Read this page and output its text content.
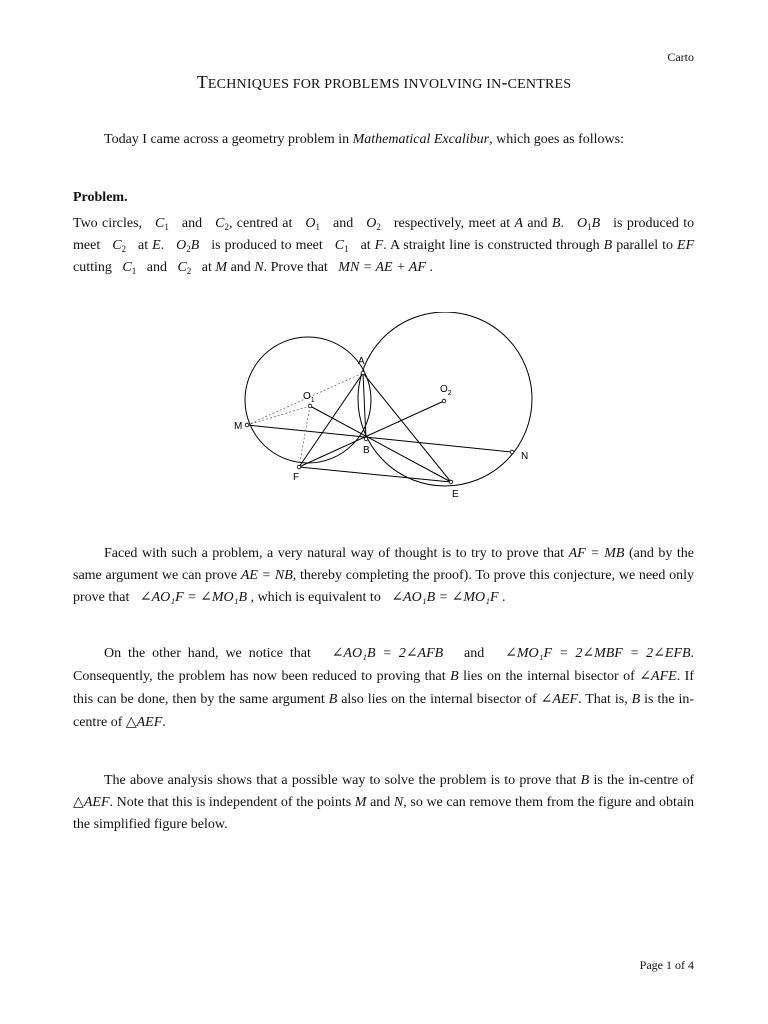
Carto
TECHNIQUES FOR PROBLEMS INVOLVING IN-CENTRES
Today I came across a geometry problem in Mathematical Excalibur, which goes as follows:
Problem.
Two circles, $C_1$ and $C_2$, centred at $O_1$ and $O_2$ respectively, meet at A and B.   $O_1B$ is produced to meet $C_2$ at E.   $O_2B$ is produced to meet $C_1$ at F. A straight line is constructed through B parallel to EF cutting $C_1$ and $C_2$ at M and N. Prove that MN = AE + AF .
A
$O_1$
$O_2$
M
B
N
F
E
Faced with such a problem, a very natural way of thought is to try to prove that AF = MB (and by the same argument we can prove AE = NB, thereby completing the proof). To prove this conjecture, we need only prove that ∠AO₁F = ∠MO₁B , which is equivalent to ∠AO₁B = ∠MO₁F .
On the other hand, we notice that ∠AO₁B = 2∠AFB and ∠MO₁F = 2∠MBF = 2∠EFB. Consequently, the problem has now been reduced to proving that B lies on the internal bisector of ∠AFE. If this can be done, then by the same argument B also lies on the internal bisector of ∠AEF. That is, B is the in-centre of △AEF.
The above analysis shows that a possible way to solve the problem is to prove that B is the in-centre of △AEF. Note that this is independent of the points M and N, so we can remove them from the figure and obtain the simplified figure below.
Page 1 of 4
